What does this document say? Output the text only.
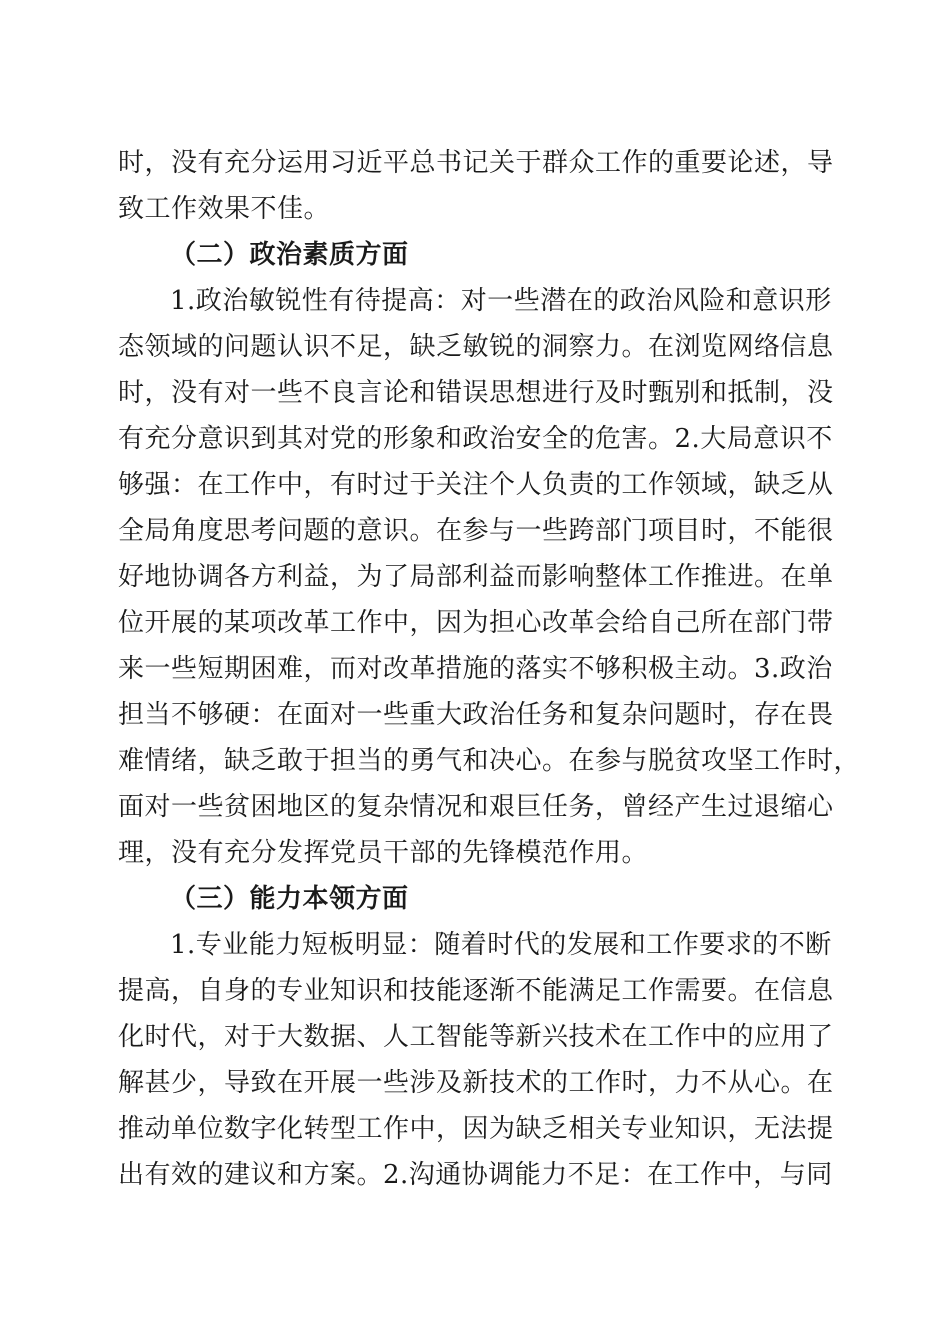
时，没有充分运用习近平总书记关于群众工作的重要论述，导
致工作效果不佳。
（二）政治素质方面
1.政治敏锐性有待提高：对一些潜在的政治风险和意识形
态领域的问题认识不足，缺乏敏锐的洞察力。在浏览网络信息
时，没有对一些不良言论和错误思想进行及时甄别和抵制，没
有充分意识到其对党的形象和政治安全的危害。2.大局意识不
够强：在工作中，有时过于关注个人负责的工作领域，缺乏从
全局角度思考问题的意识。在参与一些跨部门项目时，不能很
好地协调各方利益，为了局部利益而影响整体工作推进。在单
位开展的某项改革工作中，因为担心改革会给自己所在部门带
来一些短期困难，而对改革措施的落实不够积极主动。3.政治
担当不够硬：在面对一些重大政治任务和复杂问题时，存在畏
难情绪，缺乏敢于担当的勇气和决心。在参与脱贫攻坚工作时，
面对一些贫困地区的复杂情况和艰巨任务，曾经产生过退缩心
理，没有充分发挥党员干部的先锋模范作用。
（三）能力本领方面
1.专业能力短板明显：随着时代的发展和工作要求的不断
提高，自身的专业知识和技能逐渐不能满足工作需要。在信息
化时代，对于大数据、人工智能等新兴技术在工作中的应用了
解甚少，导致在开展一些涉及新技术的工作时，力不从心。在
推动单位数字化转型工作中，因为缺乏相关专业知识，无法提
出有效的建议和方案。2.沟通协调能力不足：在工作中，与同
